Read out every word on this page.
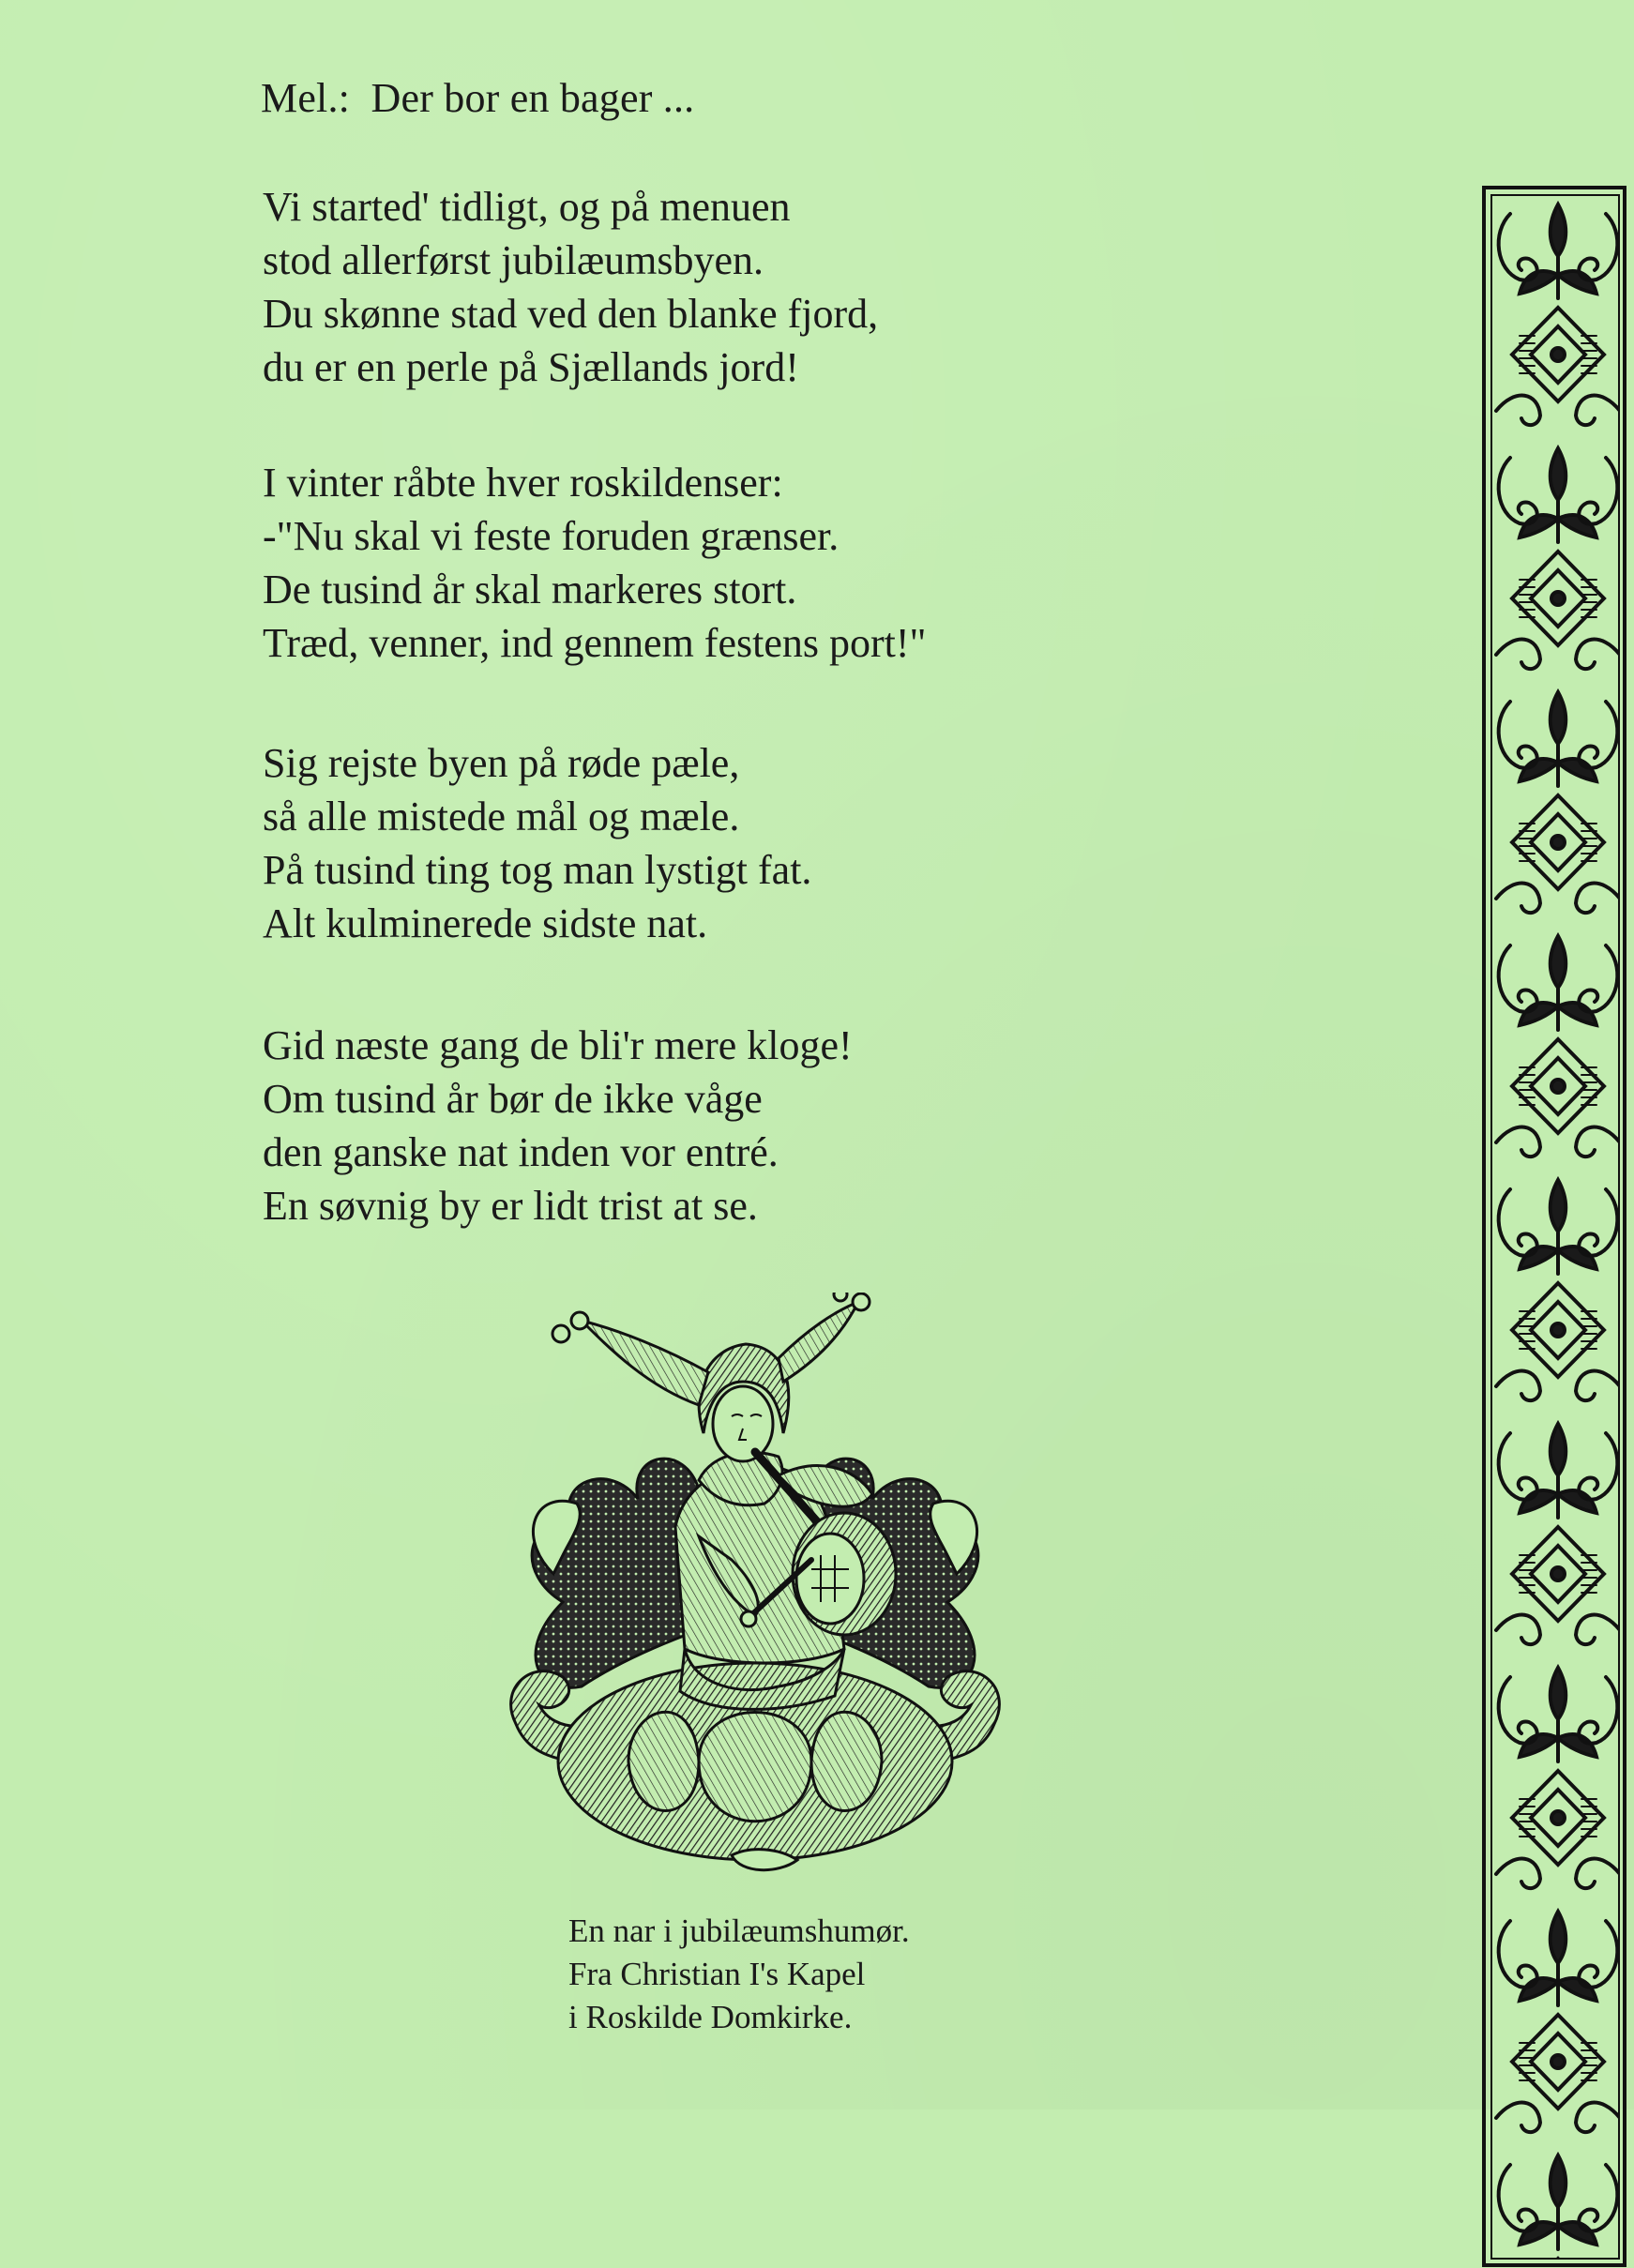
Mel.:  Der bor en bager ...
Vi started' tidligt, og på menuen
stod allerførst jubilæumsbyen.
Du skønne stad ved den blanke fjord,
du er en perle på Sjællands jord!
I vinter råbte hver roskildenser:
-"Nu skal vi feste foruden grænser.
De tusind år skal markeres stort.
Træd, venner, ind gennem festens port!"
Sig rejste byen på røde pæle,
så alle mistede mål og mæle.
På tusind ting tog man lystigt fat.
Alt kulminerede sidste nat.
Gid næste gang de bli'r mere kloge!
Om tusind år bør de ikke våge
den ganske nat inden vor entré.
En søvnig by er lidt trist at se.
En nar i jubilæumshumør.
Fra Christian I's Kapel
i Roskilde Domkirke.
